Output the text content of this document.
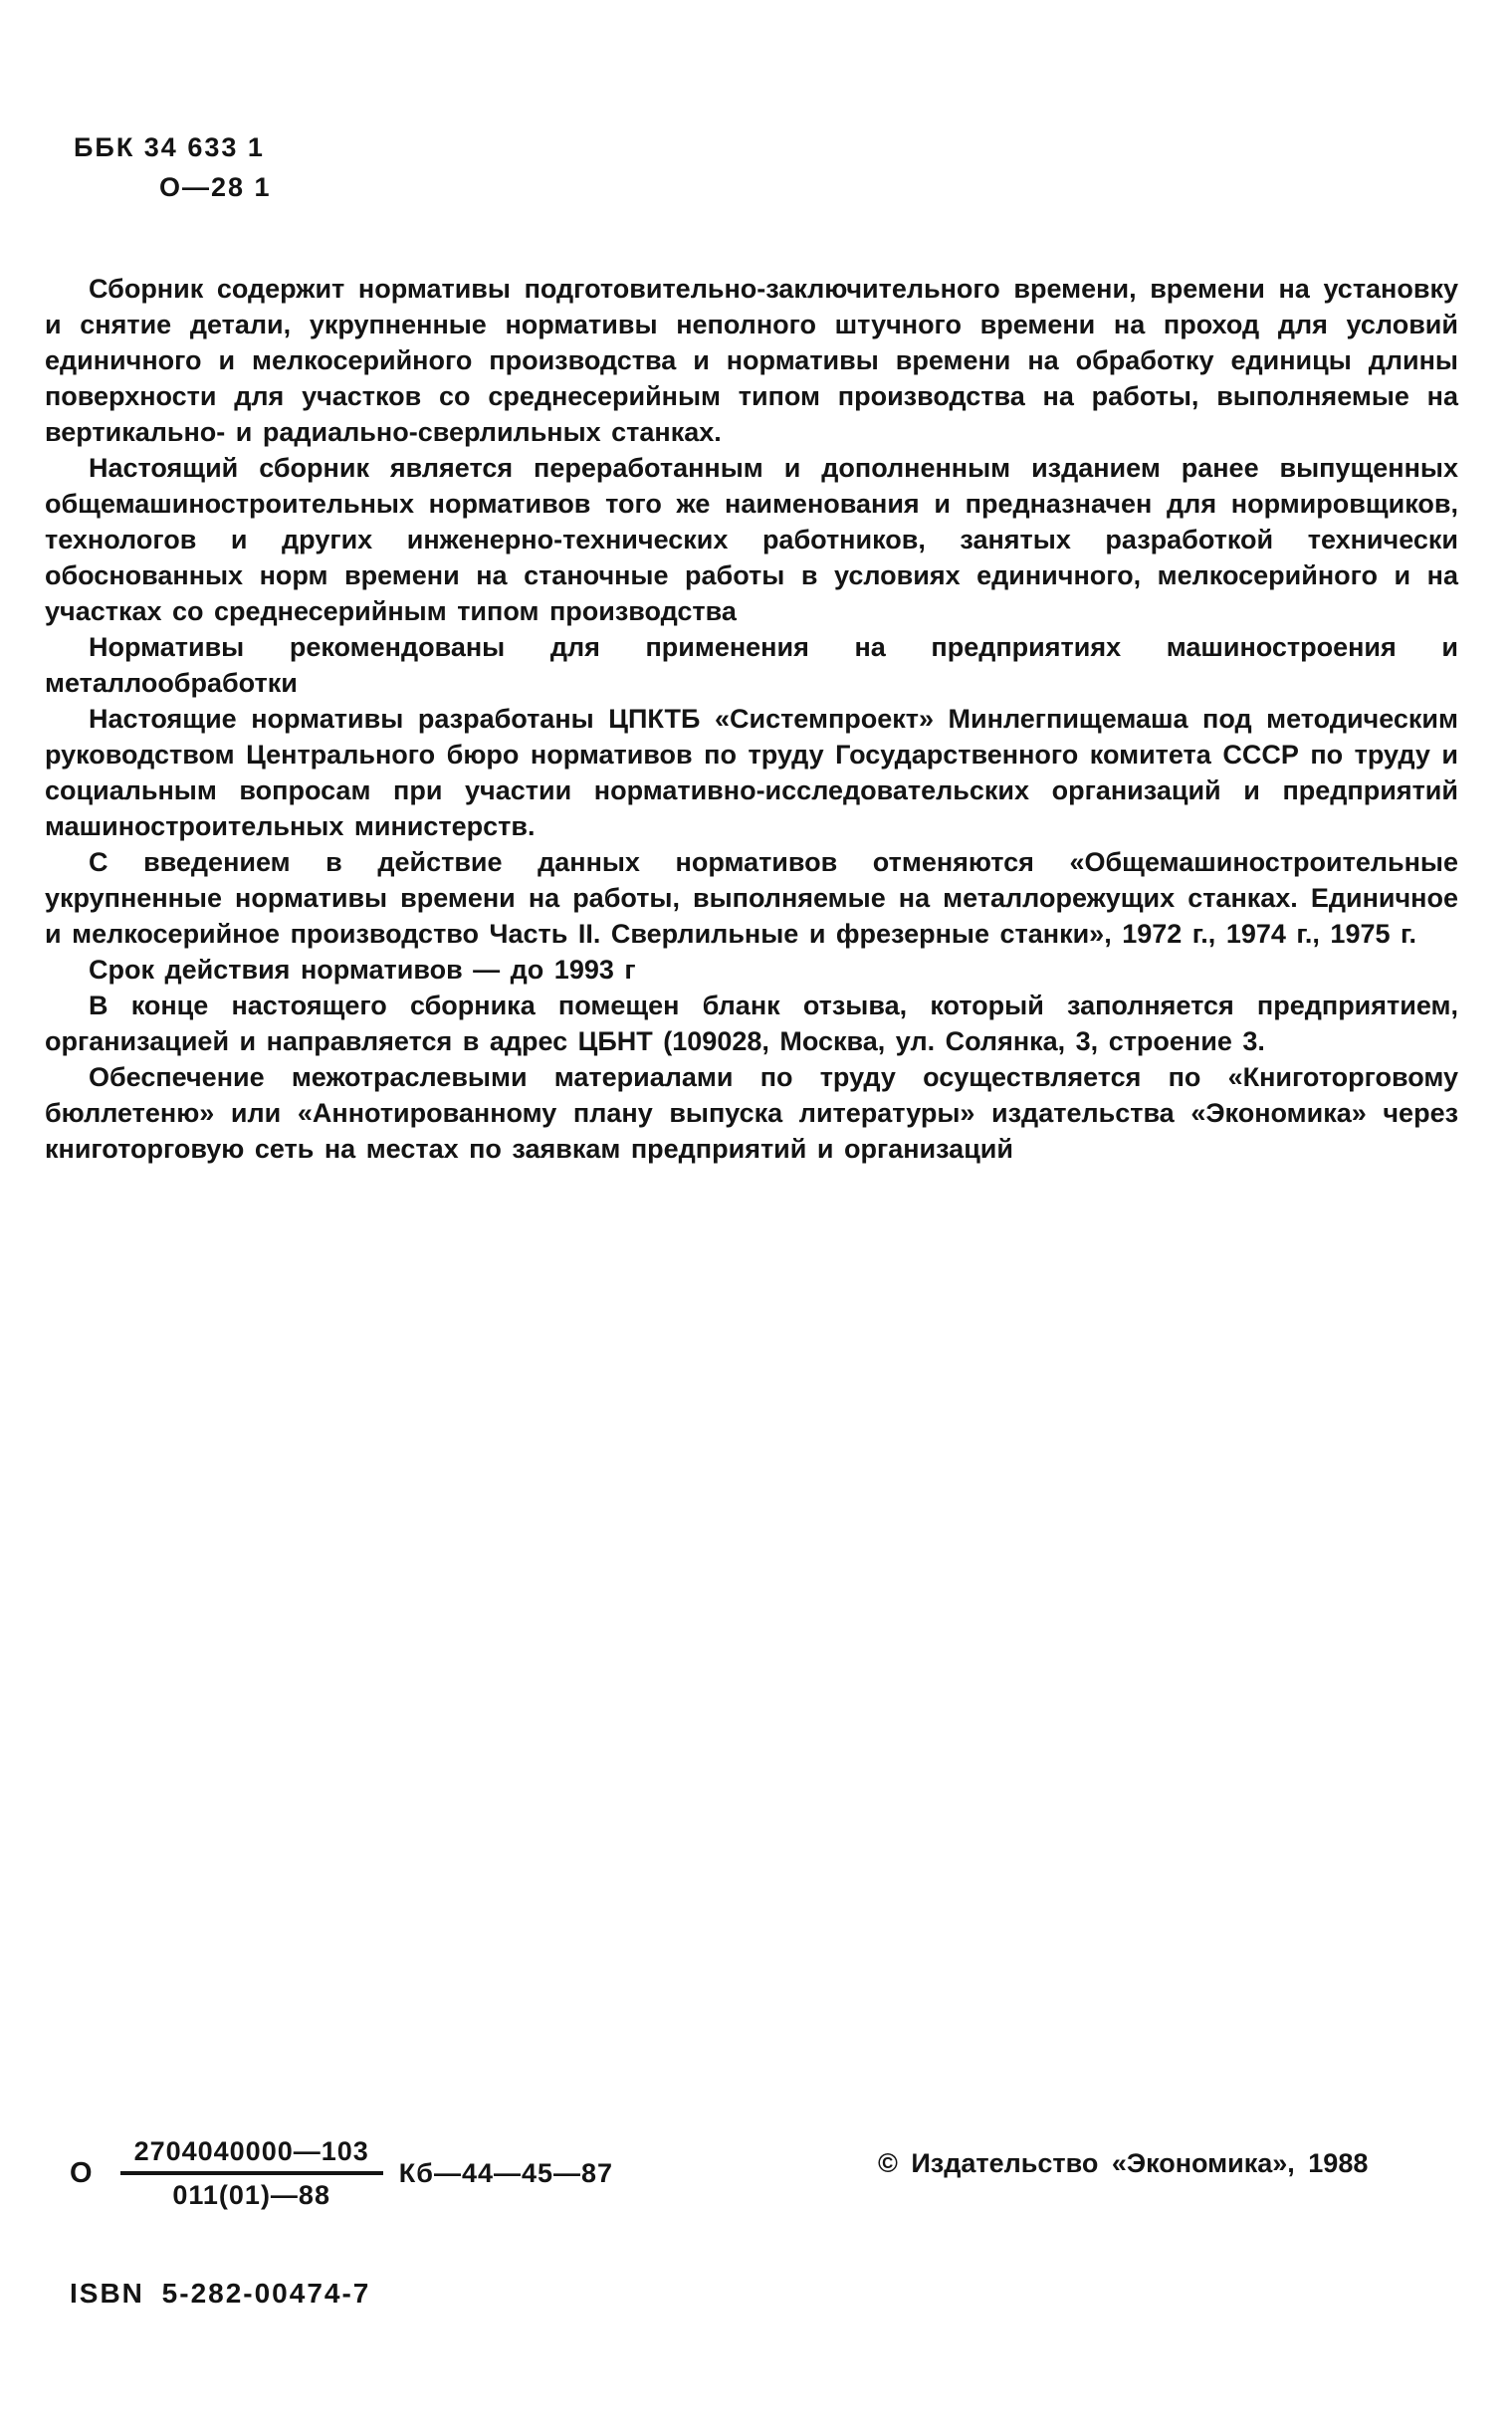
ББК 34 633 1
О—28 1

Сборник содержит нормативы подготовительно-заключительного времени, времени на установку и снятие детали, укрупненные нормативы неполного штучного времени на проход для условий единичного и мелкосерийного производства и нормативы времени на обработку единицы длины поверхности для участков со среднесерийным типом производства на работы, выполняемые на вертикально- и радиально-сверлильных станках.

Настоящий сборник является переработанным и дополненным изданием ранее выпущенных общемашиностроительных нормативов того же наименования и предназначен для нормировщиков, технологов и других инженерно-технических работников, занятых разработкой технически обоснованных норм времени на станочные работы в условиях единичного, мелкосерийного и на участках со среднесерийным типом производства

Нормативы рекомендованы для применения на предприятиях машиностроения и металлообработки

Настоящие нормативы разработаны ЦПКТБ «Системпроект» Минлегпищемаша под методическим руководством Центрального бюро нормативов по труду Государственного комитета СССР по труду и социальным вопросам при участии нормативно-исследовательских организаций и предприятий машиностроительных министерств.

С введением в действие данных нормативов отменяются «Общемашиностроительные укрупненные нормативы времени на работы, выполняемые на металлорежущих станках. Единичное и мелкосерийное производство Часть II. Сверлильные и фрезерные станки», 1972 г., 1974 г., 1975 г.

Срок действия нормативов — до 1993 г

В конце настоящего сборника помещен бланк отзыва, который заполняется предприятием, организацией и направляется в адрес ЦБНТ (109028, Москва, ул. Солянка, 3, строение 3.

Обеспечение межотраслевыми материалами по труду осуществляется по «Книготорговому бюллетеню» или «Аннотированному плану выпуска литературы» издательства «Экономика» через книготорговую сеть на местах по заявкам предприятий и организаций

О $\frac{2704040000—103}{011(01)—88}$ Кб—44—45—87	© Издательство «Экономика», 1988
ISBN 5-282-00474-7
